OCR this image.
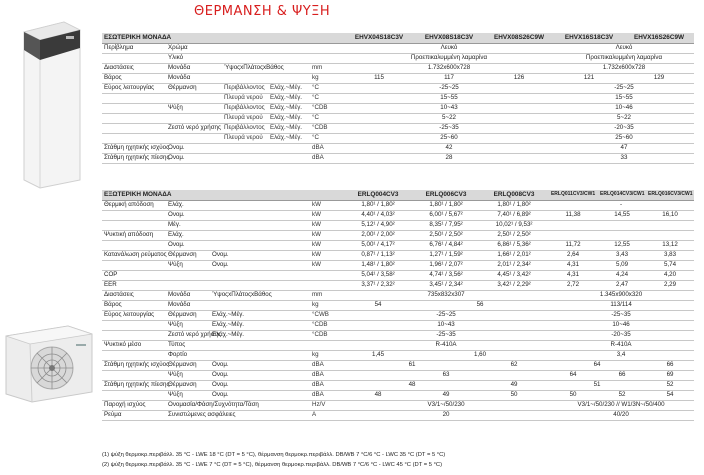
ΘΕΡΜΑΝΣΗ & ΨΥΞΗ
ΕΣΩΤΕΡΙΚΗ ΜΟΝΑΔΑ					EHVX04S18C3V	EHVX08S18C3V	EHVX08S26C9W	EHVX16S18C3V	EHVX16S26C9W
Περίβλημα	Χρώμα				Λευκό			Λευκό	
	Υλικό				Προεπικαλυμμένη λαμαρίνα			Προεπικαλυμμένη λαμαρίνα	
Διαστάσεις	Μονάδα	ΎψοςxΠλάτοςxΒάθος		mm	1.732x600x728			1.732x600x728	
Βάρος	Μονάδα			kg	115	117	126	121	129
Εύρος λειτουργίας	Θέρμανση	Περιβάλλοντος	Ελάχ.~Μέγ.	°C	-25~25			-25~25	
		Πλευρά νερού	Ελάχ.~Μέγ.	°C	15~55			15~55	
	Ψύξη	Περιβάλλοντος	Ελάχ.~Μέγ.	°CDB	10~43			10~46	
		Πλευρά νερού	Ελάχ.~Μέγ.	°C	5~22			5~22	
	Ζεστό νερό χρήσης	Περιβάλλοντος	Ελάχ.~Μέγ.	°CDB	-25~35			-20~35	
		Πλευρά νερού	Ελάχ.~Μέγ.	°C	25~60			25~60	
Στάθμη ηχητικής ισχύος	Ονομ.			dBA	42			47	
Στάθμη ηχητικής πίεσης	Ονομ.			dBA	28			33	
ΕΞΩΤΕΡΙΚΗ ΜΟΝΑΔΑ				ERLQ004CV3	ERLQ006CV3	ERLQ008CV3	ERLQ011CV3/CW1	ERLQ014CV3/CW1	ERLQ016CV3/CW1
Θερμική απόδοση	Ελάχ.		kW	1,80¹ / 1,80²	1,80¹ / 1,80²	1,80¹ / 1,80²	-		
	Ονομ.		kW	4,40¹ / 4,03²	6,00¹ / 5,67²	7,40¹ / 6,89²	11,38	14,55	16,10
	Μέγ.		kW	5,12¹ / 4,90²	8,35¹ / 7,95²	10,02¹ / 9,53²			
Ψυκτική απόδοση	Ελάχ.		kW	2,00¹ / 2,00²	2,50¹ / 2,50²	2,50¹ / 2,50²			
	Ονομ.		kW	5,00¹ / 4,17²	6,76¹ / 4,84²	6,86¹ / 5,36²	11,72	12,55	13,12
Κατανάλωση ρεύματος	Θέρμανση	Ονομ.	kW	0,87¹ / 1,13²	1,27¹ / 1,59²	1,66¹ / 2,01²	2,64	3,43	3,83
	Ψύξη	Ονομ.	kW	1,48¹ / 1,80²	1,96¹ / 2,07²	2,01¹ / 2,34²	4,31	5,09	5,74
COP				5,04¹ / 3,58²	4,74¹ / 3,56²	4,45¹ / 3,42²	4,31	4,24	4,20
EER				3,37¹ / 2,32²	3,45¹ / 2,34²	3,42¹ / 2,29²	2,72	2,47	2,29
Διαστάσεις	Μονάδα	ΎψοςxΠλάτοςxΒάθος	mm	735x832x307			1.345x900x320		
Βάρος	Μονάδα		kg	54	56		113/114		
Εύρος λειτουργίας	Θέρμανση	Ελάχ.~Μέγ.	°CWB	-25~25			-25~35		
	Ψύξη	Ελάχ.~Μέγ.	°CDB	10~43			10~46		
	Ζεστό νερό χρήσης	Ελάχ.~Μέγ.	°CDB	-25~35			-20~35		
Ψυκτικό μέσο	Τύπος			R-410A			R-410A		
	Φορτίο		kg	1,45	1,60		3,4		
Στάθμη ηχητικής ισχύος	Θέρμανση	Ονομ.	dBA	61		62	64		66
	Ψύξη	Ονομ.	dBA	63			64	66	69
Στάθμη ηχητικής πίεσης	Θέρμανση	Ονομ.	dBA	48		49	51		52
	Ψύξη	Ονομ.	dBA	48	49	50	50	52	54
Παροχή ισχύος	Ονομασία/Φάση/Συχνότητα/Τάση		Hz/V	V3/1~/50/230			V3/1~/50/230 // W1/3N~/50/400		
Ρεύμα	Συνιστώμενες ασφάλειες		A	20			40/20		
(1) ψύξη θερμοκρ.περιβάλλ. 35 °C - LWE 18 °C (DT = 5 °C), θέρμανση θερμοκρ.περιβάλλ. DB/WB 7 °C/6 °C - LWC 35 °C (DT = 5 °C)
(2) ψύξη θερμοκρ.περιβάλλ. 35 °C - LWE 7 °C (DT = 5 °C), θέρμανση θερμοκρ.περιβάλλ. DB/WB 7 °C/6 °C - LWC 45 °C (DT = 5 °C)
